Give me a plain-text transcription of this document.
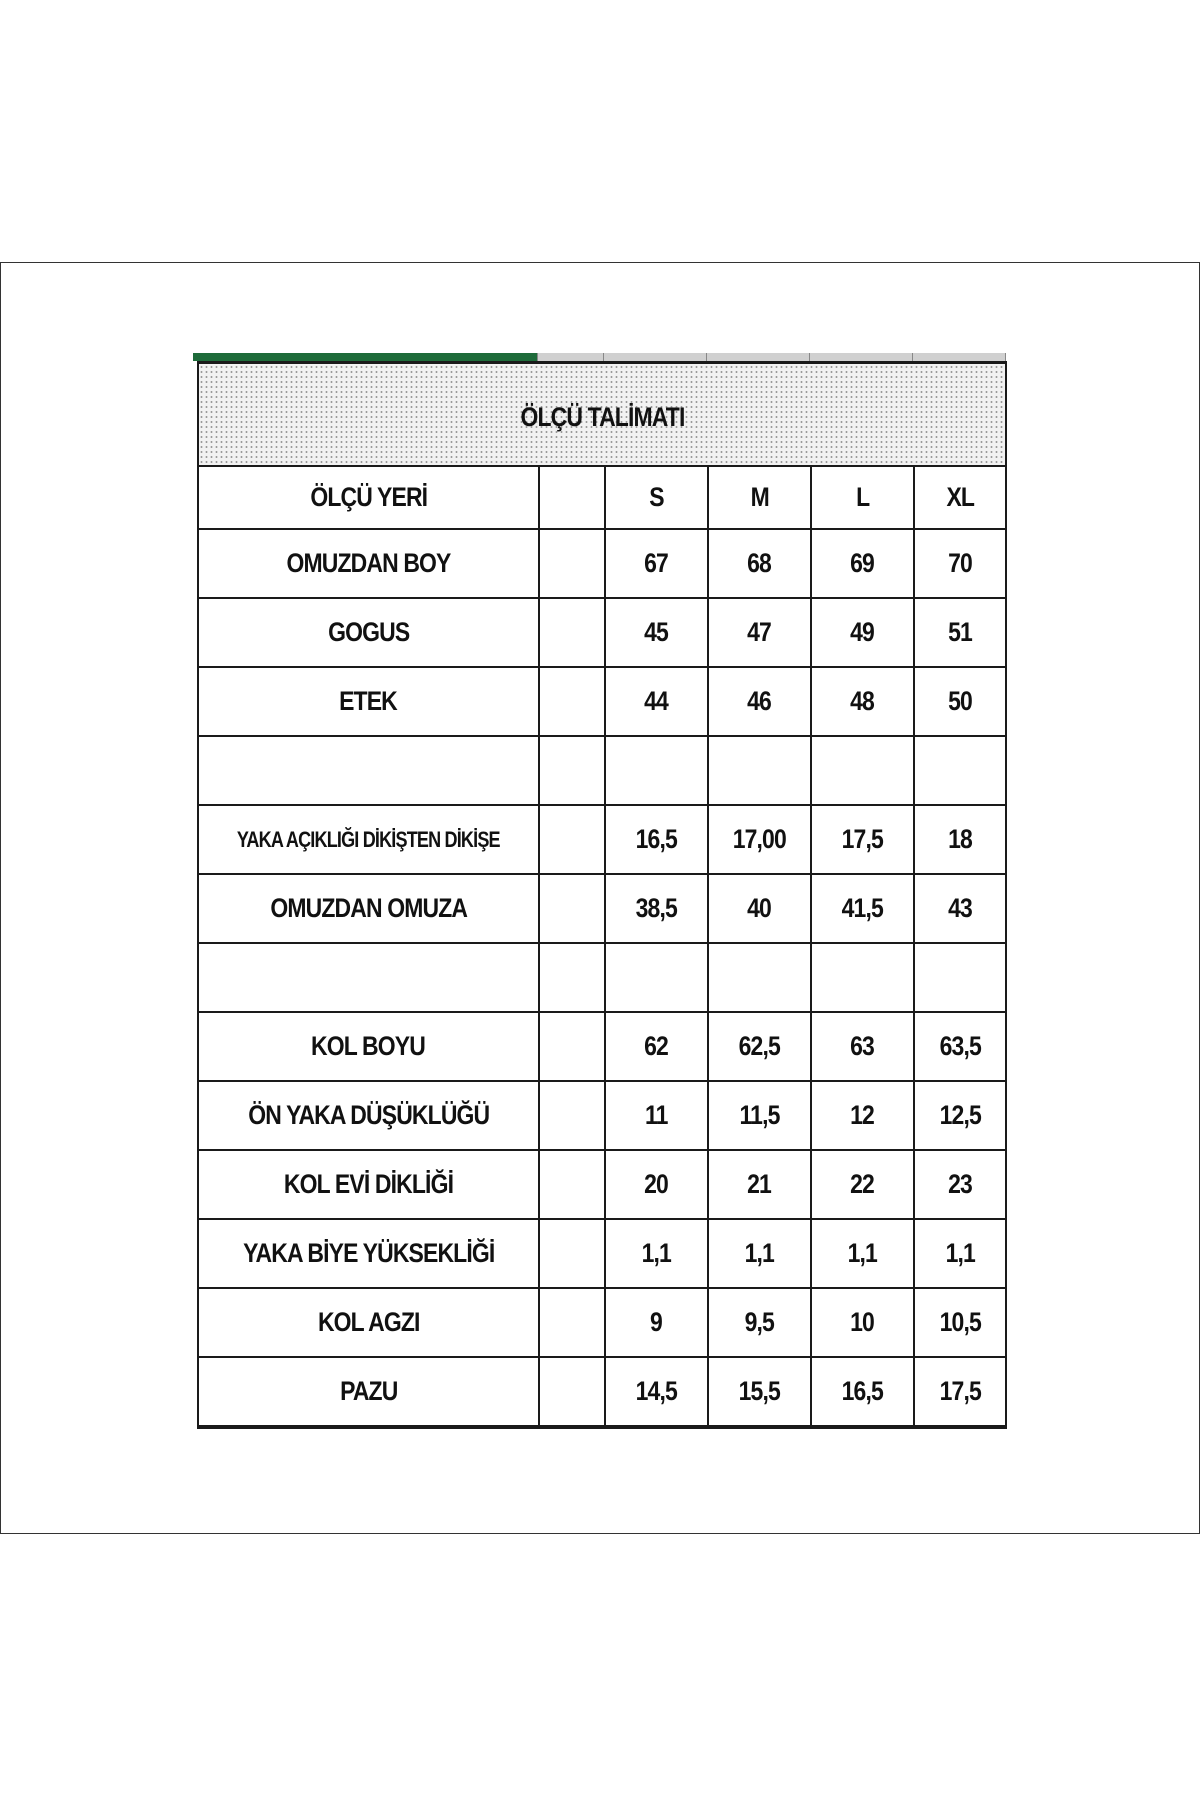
ÖLÇÜ TALİMATI					
ÖLÇÜ YERİ		S	M	L	XL
OMUZDAN BOY		67	68	69	70
GOGUS		45	47	49	51
ETEK		44	46	48	50

YAKA AÇIKLIĞI DİKİŞTEN DİKİŞE		16,5	17,00	17,5	18
OMUZDAN OMUZA		38,5	40	41,5	43

KOL BOYU		62	62,5	63	63,5
ÖN YAKA DÜŞÜKLÜĞÜ		11	11,5	12	12,5
KOL EVİ DİKLİĞİ		20	21	22	23
YAKA BİYE YÜKSEKLİĞİ		1,1	1,1	1,1	1,1
KOL AGZI		9	9,5	10	10,5
PAZU		14,5	15,5	16,5	17,5
